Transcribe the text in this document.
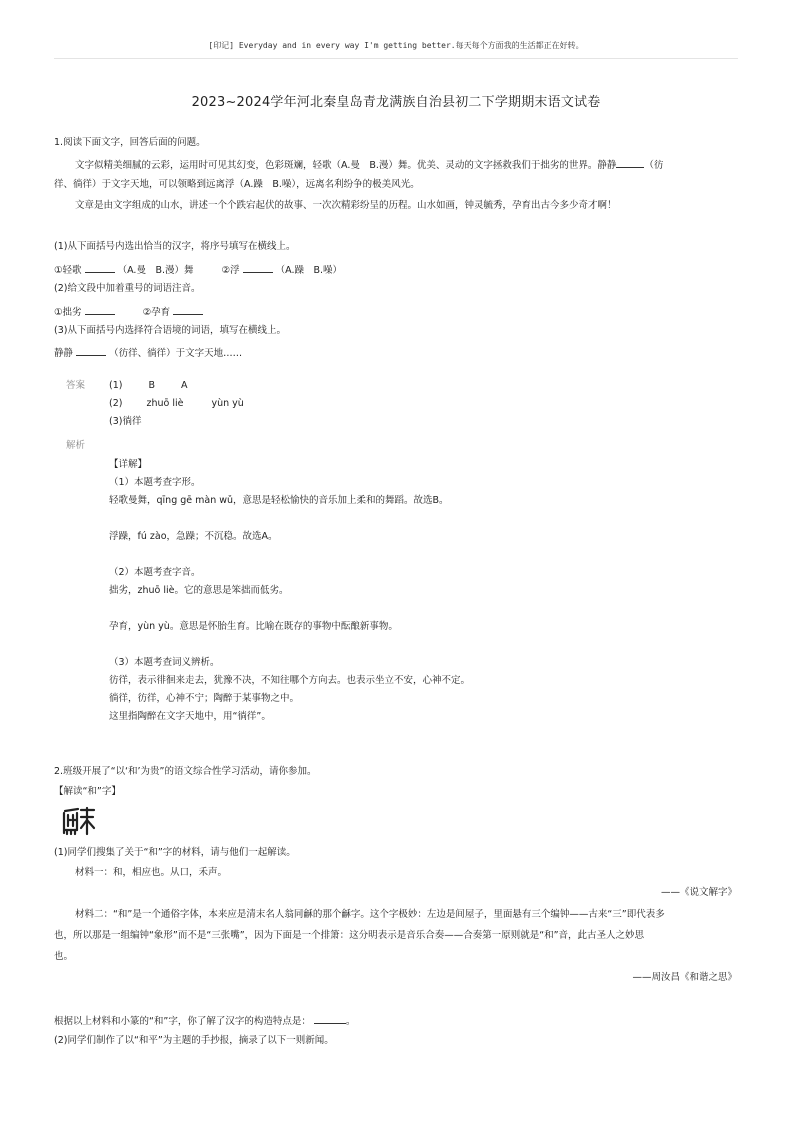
[印记] Everyday and in every way I'm getting better.每天每个方面我的生活都正在好转。
2023~2024学年河北秦皇岛青龙满族自治县初二下学期期末语文试卷
1.阅读下面文字，回答后面的问题。
文字似精美细腻的云彩，运用时可见其幻变，色彩斑斓，轻歌（A.曼　B.漫）舞。优美、灵动的文字拯救我们于拙劣的世界。静静	（彷
徉、徜徉）于文字天地，可以领略到远离浮（A.躁　B.噪），远离名利纷争的极美风光。
文章是由文字组成的山水，讲述一个个跌宕起伏的故事、一次次精彩纷呈的历程。山水如画，钟灵毓秀，孕育出古今多少奇才啊！
(1)从下面括号内选出恰当的汉字，将序号填写在横线上。
①轻歌	（A.曼　B.漫）舞	②浮	（A.躁　B.噪）
(2)给文段中加着重号的词语注音。
①拙劣	②孕育
(3)从下面括号内选择符合语境的词语，填写在横线上。
静静	（彷徉、徜徉）于文字天地……
答案	(1)	B	A
(2)	zhuō liè	yùn yù
(3)徜徉
解析
【详解】
（1）本题考查字形。
轻歌曼舞，qīng gē màn wǔ，意思是轻松愉快的音乐加上柔和的舞蹈。故选B。
浮躁，fú zào，急躁；不沉稳。故选A。
（2）本题考查字音。
拙劣，zhuō liè。它的意思是笨拙而低劣。
孕育，yùn yù。意思是怀胎生育。比喻在既存的事物中酝酿新事物。
（3）本题考查词义辨析。
彷徉，表示徘徊来走去，犹豫不决，不知往哪个方向去。也表示坐立不安，心神不定。
徜徉，彷徉，心神不宁；陶醉于某事物之中。
这里指陶醉在文字天地中，用“徜徉”。
2.班级开展了“以‘和’为贵”的语文综合性学习活动，请你参加。
【解读“和”字】
(1)同学们搜集了关于“和”字的材料，请与他们一起解读。
材料一：和，相应也。从口，禾声。
——《说文解字》
材料二：“和”是一个通俗字体，本来应是清末名人翁同龢的那个龢字。这个字极妙：左边是间屋子，里面悬有三个编钟——古来“三”即代表多
也，所以那是一组编钟“象形”而不是“三张嘴”，因为下面是一个排箫：这分明表示是音乐合奏——合奏第一原则就是“和”音，此古圣人之妙思
也。
——周汝昌《和谐之思》
根据以上材料和小篆的“和”字，你了解了汉字的构造特点是：	。
(2)同学们制作了以“和平”为主题的手抄报，摘录了以下一则新闻。
